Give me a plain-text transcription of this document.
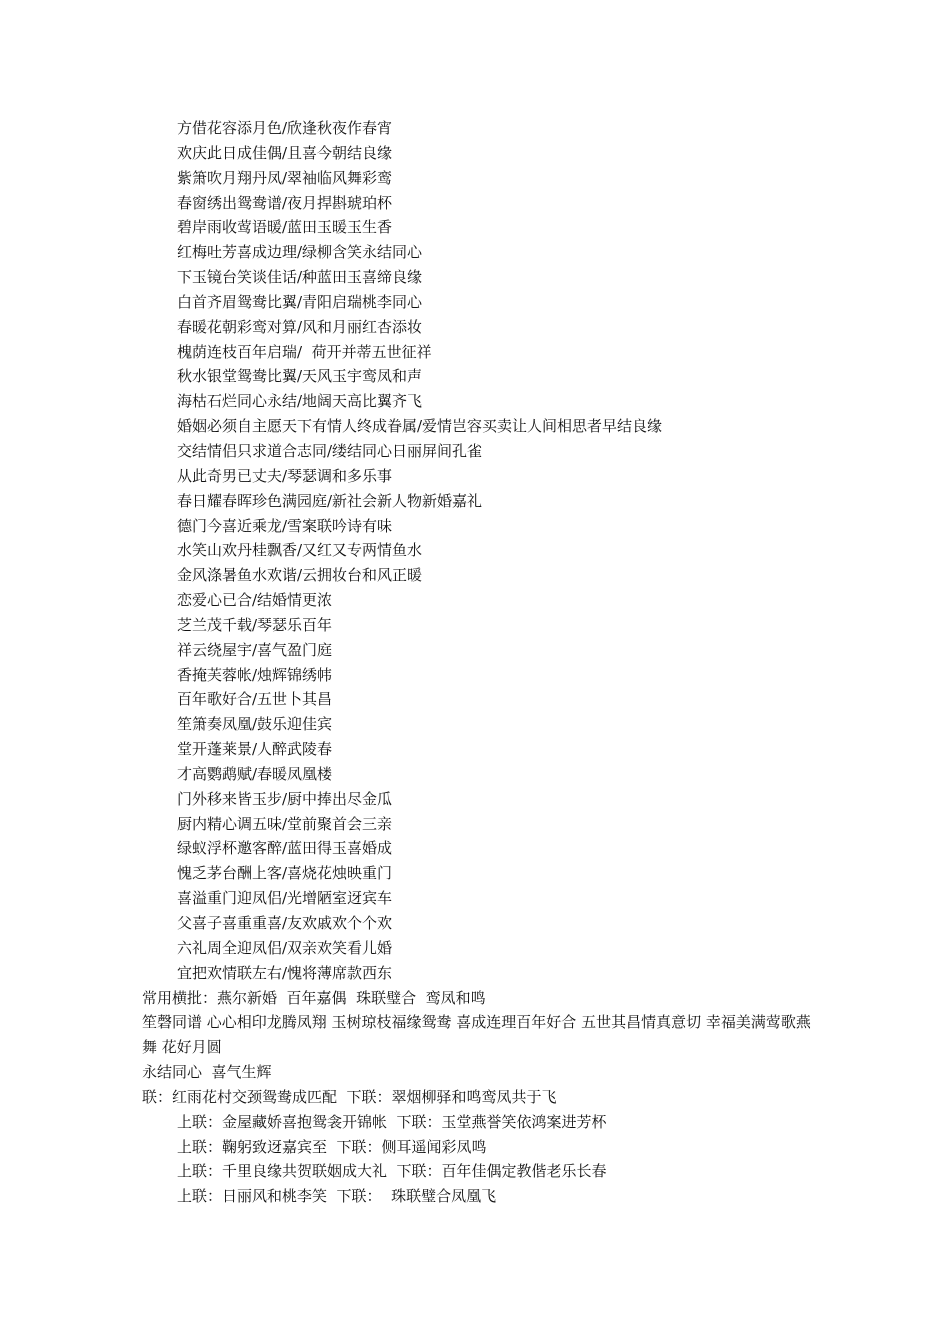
方借花容添月色/欣逢秋夜作春宵
欢庆此日成佳偶/且喜今朝结良缘
紫箫吹月翔丹凤/翠袖临风舞彩鸾
春窗绣出鸳鸯谱/夜月捍斟琥珀杯
碧岸雨收莺语暖/蓝田玉暖玉生香
红梅吐芳喜成边理/绿柳含笑永结同心
下玉镜台笑谈佳话/种蓝田玉喜缔良缘
白首齐眉鸳鸯比翼/青阳启瑞桃李同心
春暖花朝彩鸾对算/风和月丽红杏添妆
槐荫连枝百年启瑞/  荷开并蒂五世征祥
秋水银堂鸳鸯比翼/天风玉宇鸾凤和声
海枯石烂同心永结/地阔天高比翼齐飞
婚姻必须自主愿天下有情人终成眷属/爱情岂容买卖让人间相思者早结良缘
交结情侣只求道合志同/缕结同心日丽屏间孔雀
从此奇男已丈夫/琴瑟调和多乐事
春日耀春晖珍色满园庭/新社会新人物新婚嘉礼
德门今喜近乘龙/雪案联吟诗有味
水笑山欢丹桂飘香/又红又专两情鱼水
金风涤暑鱼水欢谐/云拥妆台和风正暖
恋爱心已合/结婚情更浓
芝兰茂千载/琴瑟乐百年
祥云绕屋宇/喜气盈门庭
香掩芙蓉帐/烛辉锦绣帏
百年歌好合/五世卜其昌
笙箫奏凤凰/鼓乐迎佳宾
堂开蓬莱景/人醉武陵春
才高鹦鹉赋/春暖凤凰楼
门外移来皆玉步/厨中捧出尽金瓜
厨内精心调五味/堂前聚首会三亲
绿蚁浮杯邀客醉/蓝田得玉喜婚成
愧乏茅台酬上客/喜烧花烛映重门
喜溢重门迎凤侣/光增陋室迓宾车
父喜子喜重重喜/友欢戚欢个个欢
六礼周全迎凤侣/双亲欢笑看儿婚
宜把欢情联左右/愧将薄席款西东
常用横批：燕尔新婚  百年嘉偶  珠联璧合  鸾凤和鸣
笙磬同谱 心心相印龙腾凤翔 玉树琼枝福缘鸳鸯 喜成连理百年好合 五世其昌情真意切 幸福美满莺歌燕舞 花好月圆
永结同心  喜气生辉
联：红雨花村交颈鸳鸯成匹配  下联：翠烟柳驿和鸣鸾凤共于飞
上联：金屋藏娇喜抱鸳衾开锦帐  下联：玉堂燕誉笑依鸿案进芳杯
上联：鞠躬致迓嘉宾至  下联：侧耳遥闻彩凤鸣
上联：千里良缘共贺联姻成大礼  下联：百年佳偶定教偕老乐长春
上联：日丽风和桃李笑  下联：  珠联璧合凤凰飞
